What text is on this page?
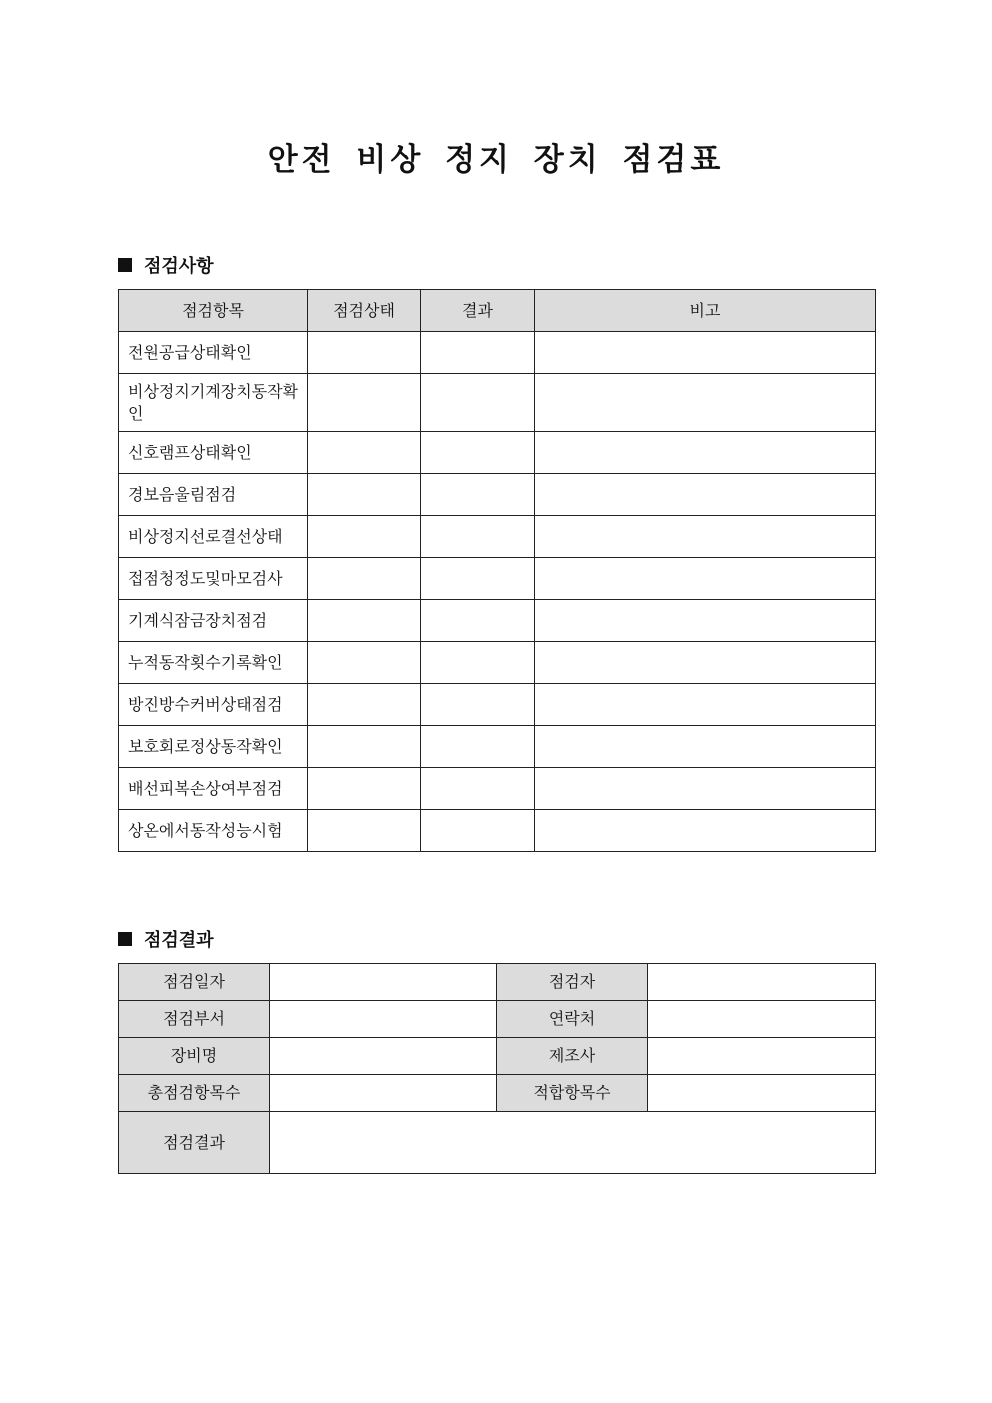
안전 비상 정지 장치 점검표
점검사항
점검항목	점검상태	결과	비고
전원공급상태확인			
비상정지기계장치동작확인			
신호램프상태확인			
경보음울림점검			
비상정지선로결선상태			
접점청정도및마모검사			
기계식잠금장치점검			
누적동작횟수기록확인			
방진방수커버상태점검			
보호회로정상동작확인			
배선피복손상여부점검			
상온에서동작성능시험			
점검결과
점검일자		점검자	
점검부서		연락처	
장비명		제조사	
총점검항목수		적합항목수	
점검결과			
